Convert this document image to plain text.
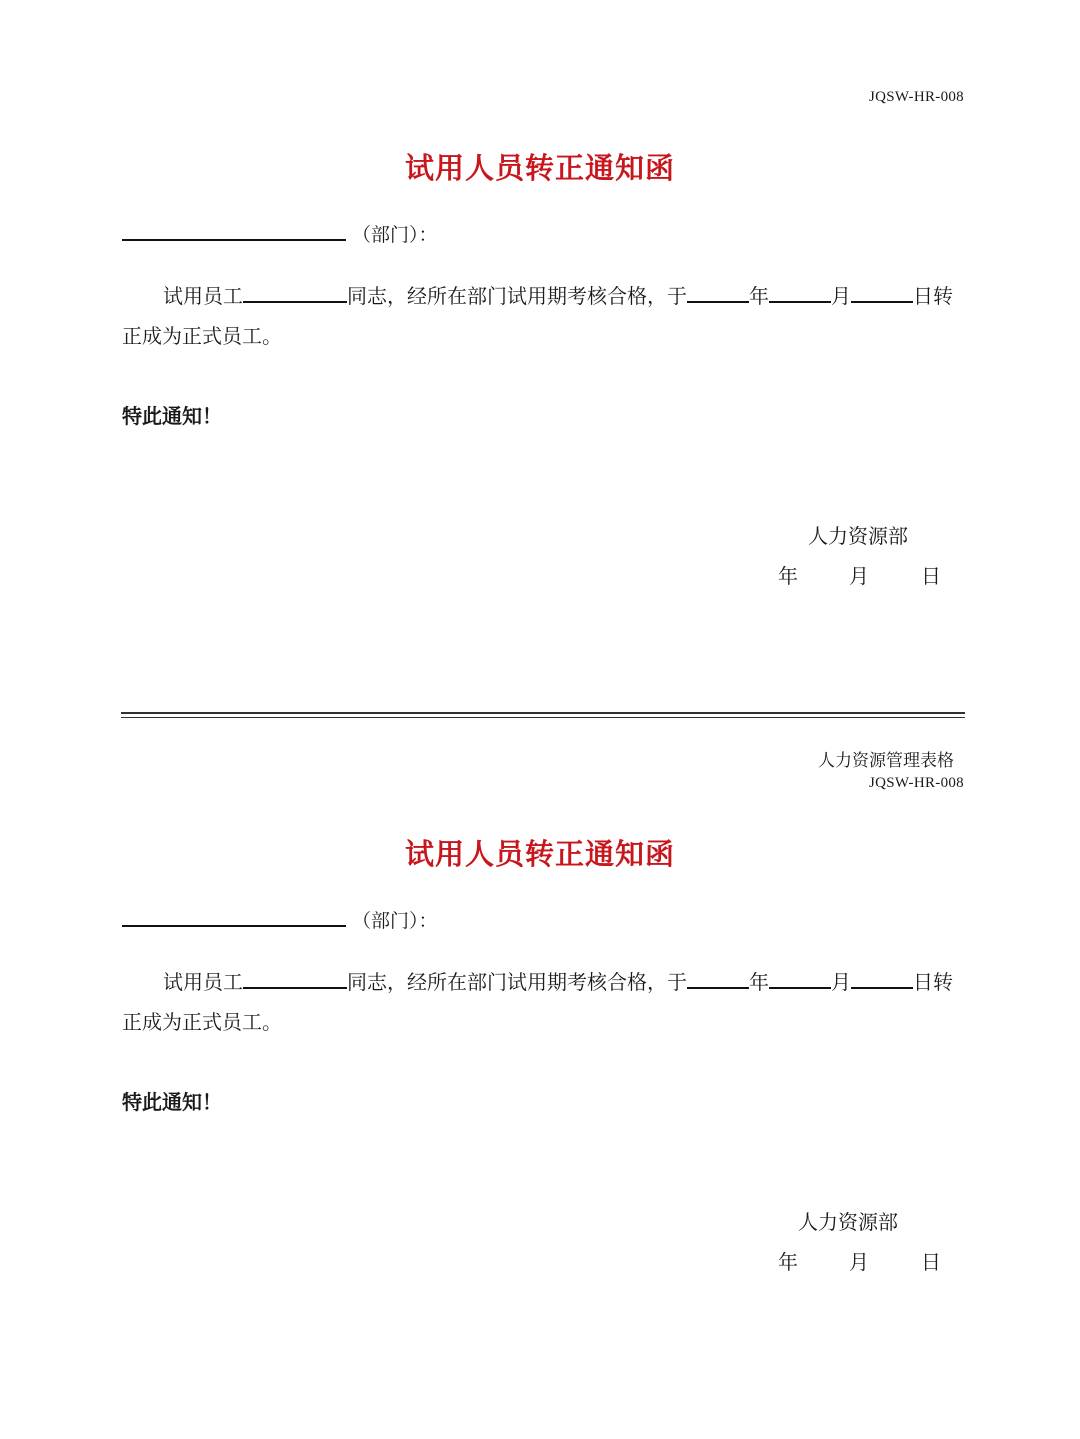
JQSW-HR-008
试用人员转正通知函
（部门）：
试用员工	同志，经所在部门试用期考核合格，于	年	月	日转
正成为正式员工。
特此通知！
人力资源部
年	月	日
人力资源管理表格
JQSW-HR-008
试用人员转正通知函
（部门）：
试用员工	同志，经所在部门试用期考核合格，于	年	月	日转
正成为正式员工。
特此通知！
人力资源部
年	月	日
